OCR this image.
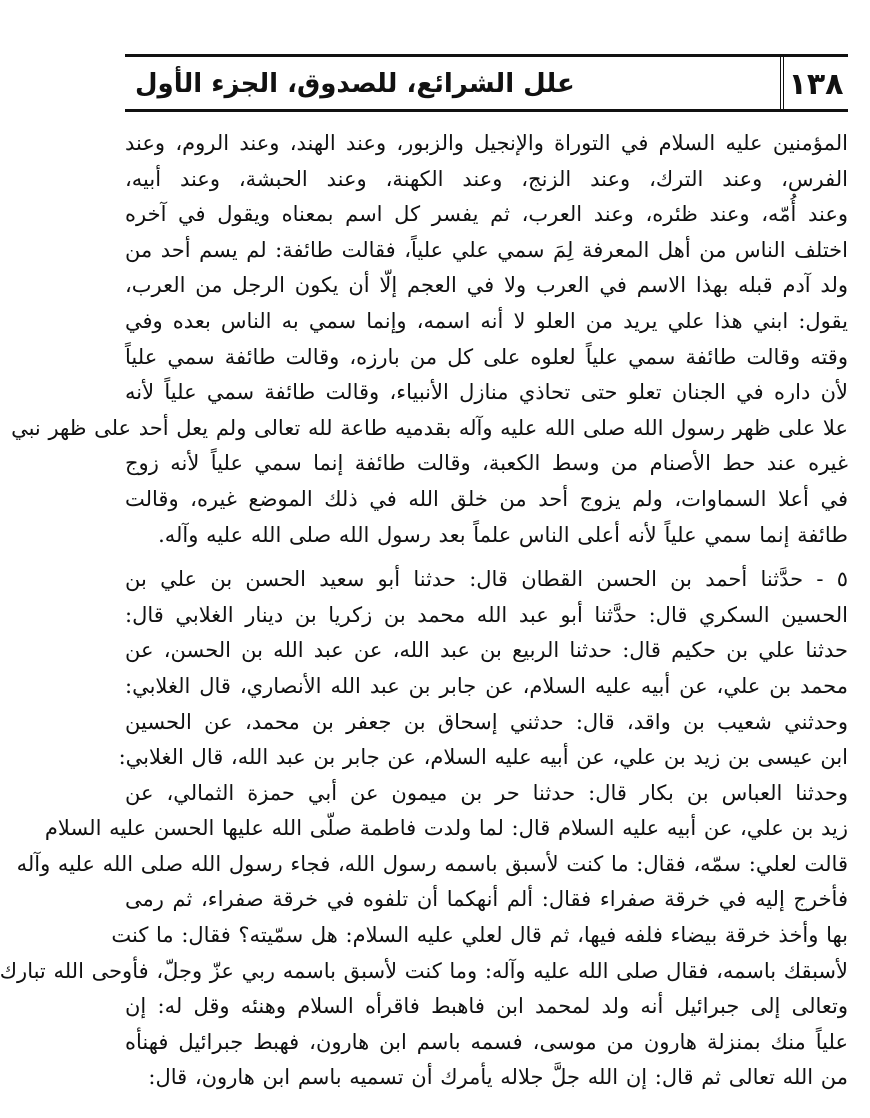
١٣٨
علل الشرائع، للصدوق، الجزء الأول
المؤمنين عليه السلام في التوراة والإنجيل والزبور، وعند الهند، وعند الروم، وعند
الفرس، وعند الترك، وعند الزنج، وعند الكهنة، وعند الحبشة، وعند أبيه،
وعند أُمّه، وعند ظئره، وعند العرب، ثم يفسر كل اسم بمعناه ويقول في آخره
اختلف الناس من أهل المعرفة لِمَ سمي علي علياً، فقالت طائفة: لم يسم أحد من
ولد آدم قبله بهذا الاسم في العرب ولا في العجم إلّا أن يكون الرجل من العرب،
يقول: ابني هذا علي يريد من العلو لا أنه اسمه، وإنما سمي به الناس بعده وفي
وقته وقالت طائفة سمي علياً لعلوه على كل من بارزه، وقالت طائفة سمي علياً
لأن داره في الجنان تعلو حتى تحاذي منازل الأنبياء، وقالت طائفة سمي علياً لأنه
علا على ظهر رسول الله صلى الله عليه وآله بقدميه طاعة لله تعالى ولم يعل أحد على ظهر نبي
غيره عند حط الأصنام من وسط الكعبة، وقالت طائفة إنما سمي علياً لأنه زوج
في أعلا السماوات، ولم يزوج أحد من خلق الله في ذلك الموضع غيره، وقالت
طائفة إنما سمي علياً لأنه أعلى الناس علماً بعد رسول الله صلى الله عليه وآله.
٥ - حدَّثنا أحمد بن الحسن القطان قال: حدثنا أبو سعيد الحسن بن علي بن
الحسين السكري قال: حدَّثنا أبو عبد الله محمد بن زكريا بن دينار الغلابي قال:
حدثنا علي بن حكيم قال: حدثنا الربيع بن عبد الله، عن عبد الله بن الحسن، عن
محمد بن علي، عن أبيه عليه السلام، عن جابر بن عبد الله الأنصاري، قال الغلابي:
وحدثني شعيب بن واقد، قال: حدثني إسحاق بن جعفر بن محمد، عن الحسين
ابن عيسى بن زيد بن علي، عن أبيه عليه السلام، عن جابر بن عبد الله، قال الغلابي:
وحدثنا العباس بن بكار قال: حدثنا حر بن ميمون عن أبي حمزة الثمالي، عن
زيد بن علي، عن أبيه عليه السلام قال: لما ولدت فاطمة صلّى الله عليها الحسن عليه السلام
قالت لعلي: سمّه، فقال: ما كنت لأسبق باسمه رسول الله، فجاء رسول الله صلى الله عليه وآله
فأخرج إليه في خرقة صفراء فقال: ألم أنهكما أن تلفوه في خرقة صفراء، ثم رمى
بها وأخذ خرقة بيضاء فلفه فيها، ثم قال لعلي عليه السلام: هل سمّيته؟ فقال: ما كنت
لأسبقك باسمه، فقال صلى الله عليه وآله: وما كنت لأسبق باسمه ربي عزّ وجلّ، فأوحى الله تبارك
وتعالى إلى جبرائيل أنه ولد لمحمد ابن فاهبط فاقرأه السلام وهنئه وقل له: إن
علياً منك بمنزلة هارون من موسى، فسمه باسم ابن هارون، فهبط جبرائيل فهنأه
من الله تعالى ثم قال: إن الله جلَّ جلاله يأمرك أن تسميه باسم ابن هارون، قال:
